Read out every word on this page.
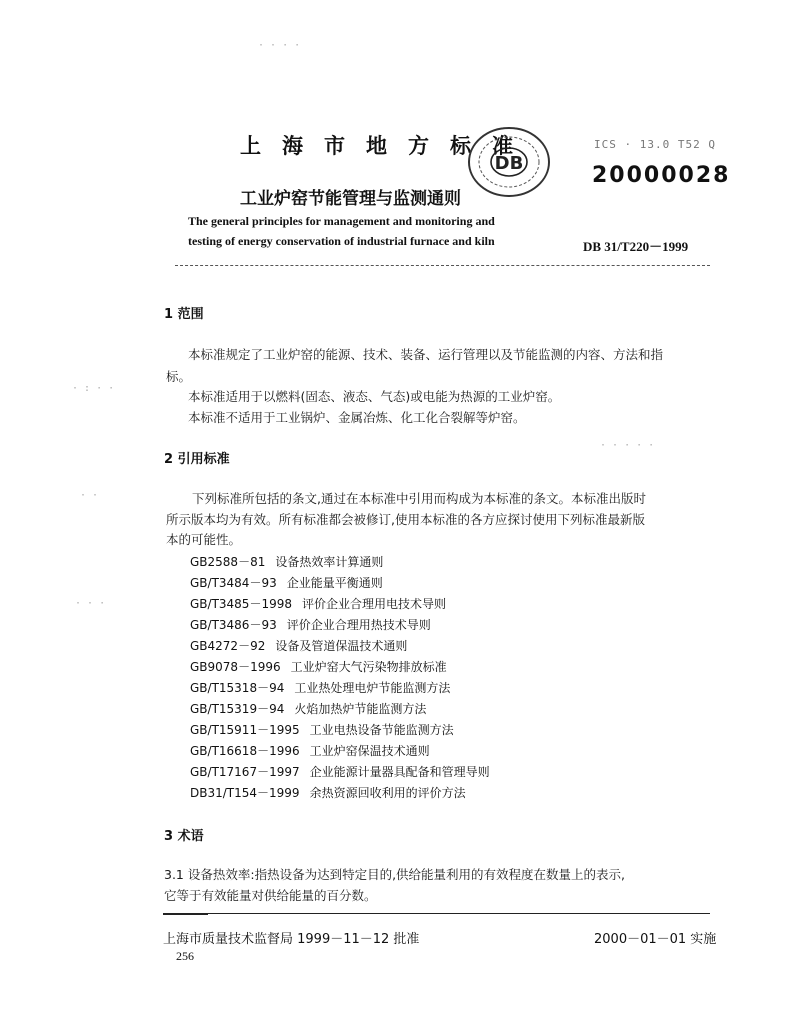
上海市地方标准
DB
ICS · 13.0 T52 Q
20000028
工业炉窑节能管理与监测通则
The general principles for management and monitoring and
testing of energy conservation of industrial furnace and kiln	DB 31/T220－1999
· · · ·
· : · ·
· ·
· · ·
· · · · ·
1 范围
本标准规定了工业炉窑的能源、技术、装备、运行管理以及节能监测的内容、方法和指
标。
本标准适用于以燃料(固态、液态、气态)或电能为热源的工业炉窑。
本标准不适用于工业锅炉、金属冶炼、化工化合裂解等炉窑。
2 引用标准
下列标准所包括的条文,通过在本标准中引用而构成为本标准的条文。本标准出版时
所示版本均为有效。所有标准都会被修订,使用本标准的各方应探讨使用下列标准最新版
本的可能性。
GB2588－81 设备热效率计算通则
GB/T3484－93 企业能量平衡通则
GB/T3485－1998 评价企业合理用电技术导则
GB/T3486－93 评价企业合理用热技术导则
GB4272－92 设备及管道保温技术通则
GB9078－1996 工业炉窑大气污染物排放标准
GB/T15318－94 工业热处理电炉节能监测方法
GB/T15319－94 火焰加热炉节能监测方法
GB/T15911－1995 工业电热设备节能监测方法
GB/T16618－1996 工业炉窑保温技术通则
GB/T17167－1997 企业能源计量器具配备和管理导则
DB31/T154－1999 余热资源回收利用的评价方法
3 术语
3.1 设备热效率:指热设备为达到特定目的,供给能量利用的有效程度在数量上的表示,
它等于有效能量对供给能量的百分数。
上海市质量技术监督局 1999－11－12 批准	2000－01－01 实施
256
